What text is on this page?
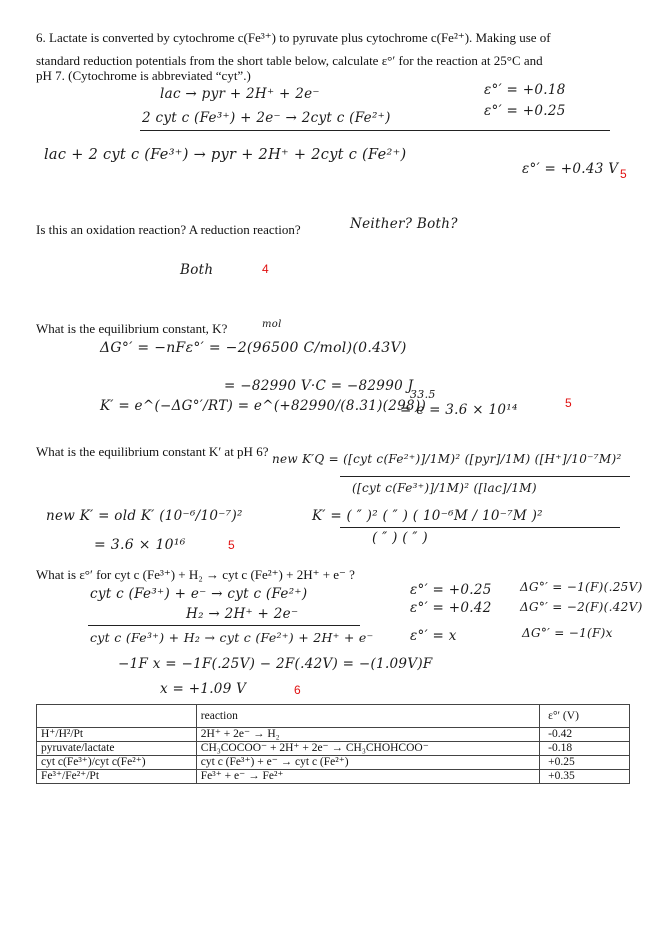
6. Lactate is converted by cytochrome c(Fe³⁺) to pyruvate plus cytochrome c(Fe²⁺). Making use of
standard reduction potentials from the short table below, calculate ε°′ for the reaction at 25°C and
pH 7. (Cytochrome is abbreviated “cyt”.)
lac → pyr + 2H⁺ + 2e⁻	ε°′ = +0.18
2 cyt c (Fe³⁺) + 2e⁻ → 2cyt c (Fe²⁺)	ε°′ = +0.25
lac + 2 cyt c (Fe³⁺) → pyr + 2H⁺ + 2cyt c (Fe²⁺)
ε°′ = +0.43 V 5
Is this an oxidation reaction? A reduction reaction?	Neither? Both?
Both	4
What is the equilibrium constant, K?	mol
ΔG°′ = −nFε°′ = −2(96500 C/mol)(0.43V)
= −82990 V·C = −82990 J
K′ = e^(−ΔG°′/RT) = e^(+82990/(8.31)(298))
33.5
= e = 3.6 × 10¹⁴	5
What is the equilibrium constant K′ at pH 6? new K′Q = ([cyt c(Fe²⁺)]/1M)² ([pyr]/1M) ([H⁺]/10⁻⁷M)²
([cyt c(Fe³⁺)]/1M)² ([lac]/1M)
new K′ = old K′ (10⁻⁶/10⁻⁷)²	K′ = ( ″ )² ( ″ ) ( 10⁻⁶M / 10⁻⁷M )²
( ″ ) ( ″ )
= 3.6 × 10¹⁶	5
What is ε°′ for cyt c (Fe³⁺) + H₂ → cyt c (Fe²⁺) + 2H⁺ + e⁻ ?
cyt c (Fe³⁺) + e⁻ → cyt c (Fe²⁺)	ε°′ = +0.25 ΔG°′ = −1(F)(.25V)
H₂ → 2H⁺ + 2e⁻	ε°′ = +0.42 ΔG°′ = −2(F)(.42V)
cyt c (Fe³⁺) + H₂ → cyt c (Fe²⁺) + 2H⁺ + e⁻	ε°′ = x	ΔG°′ = −1(F)x
−1F x = −1F(.25V) − 2F(.42V) = −(1.09V)F
x = +1.09 V	6
	reaction	ε°′ (V)
H⁺/H²/Pt	2H⁺ + 2e⁻ → H₂	-0.42
pyruvate/lactate	CH₃COCOO⁻ + 2H⁺ + 2e⁻ → CH₃CHOHCOO⁻	-0.18
cyt c(Fe³⁺)/cyt c(Fe²⁺)	cyt c (Fe³⁺) + e⁻ → cyt c (Fe²⁺)	+0.25
Fe³⁺/Fe²⁺/Pt	Fe³⁺ + e⁻ → Fe²⁺	+0.35
